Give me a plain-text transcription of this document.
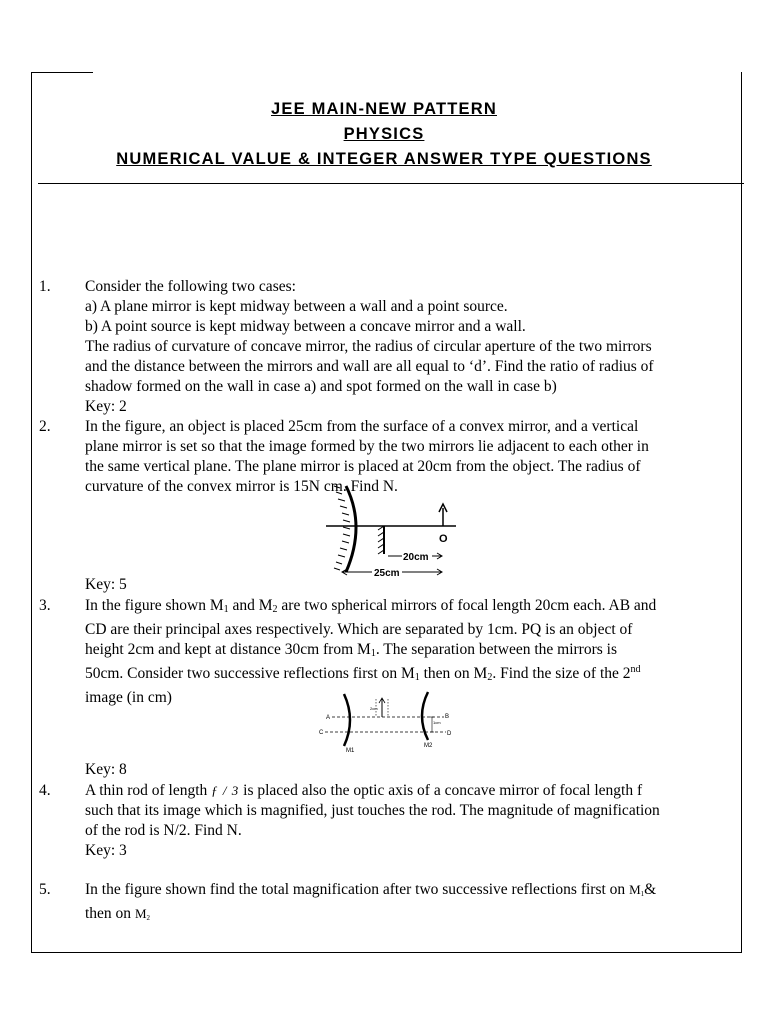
JEE MAIN-NEW PATTERN
PHYSICS
NUMERICAL VALUE & INTEGER ANSWER TYPE QUESTIONS
1. Consider the following two cases:
a) A plane mirror is kept midway between a wall and a point source.
b) A point source is kept midway between a concave mirror and a wall.
The radius of curvature of concave mirror, the radius of circular aperture of the two mirrors
and the distance between the mirrors and wall are all equal to ‘d’. Find the ratio of radius of
shadow formed on the wall in case a) and spot formed on the wall in case b)
Key: 2
2. In the figure, an object is placed 25cm from the surface of a convex mirror, and a vertical
plane mirror is set so that the image formed by the two mirrors lie adjacent to each other in
the same vertical plane. The plane mirror is placed at 20cm from the object. The radius of
curvature of the convex mirror is 15N cm. Find N.
O
20cm
25cm
Key: 5
3. In the figure shown $M_1$ and $M_2$ are two spherical mirrors of focal length 20cm each. AB and
CD are their principal axes respectively. Which are separated by 1cm. PQ is an object of
height 2cm and kept at distance 30cm from $M_1$. The separation between the mirrors is
50cm. Consider two successive reflections first on $M_1$ then on $M_2$. Find the size of the 2nd
image (in cm)
A
C
B
D
M1
M2
2cm
1cm
Key: 8
4. A thin rod of length ƒ / 3 is placed also the optic axis of a concave mirror of focal length f
such that its image which is magnified, just touches the rod. The magnitude of magnification
of the rod is N/2. Find N.
Key: 3
5. In the figure shown find the total magnification after two successive reflections first on $M_1\&$
then on $M_2$
